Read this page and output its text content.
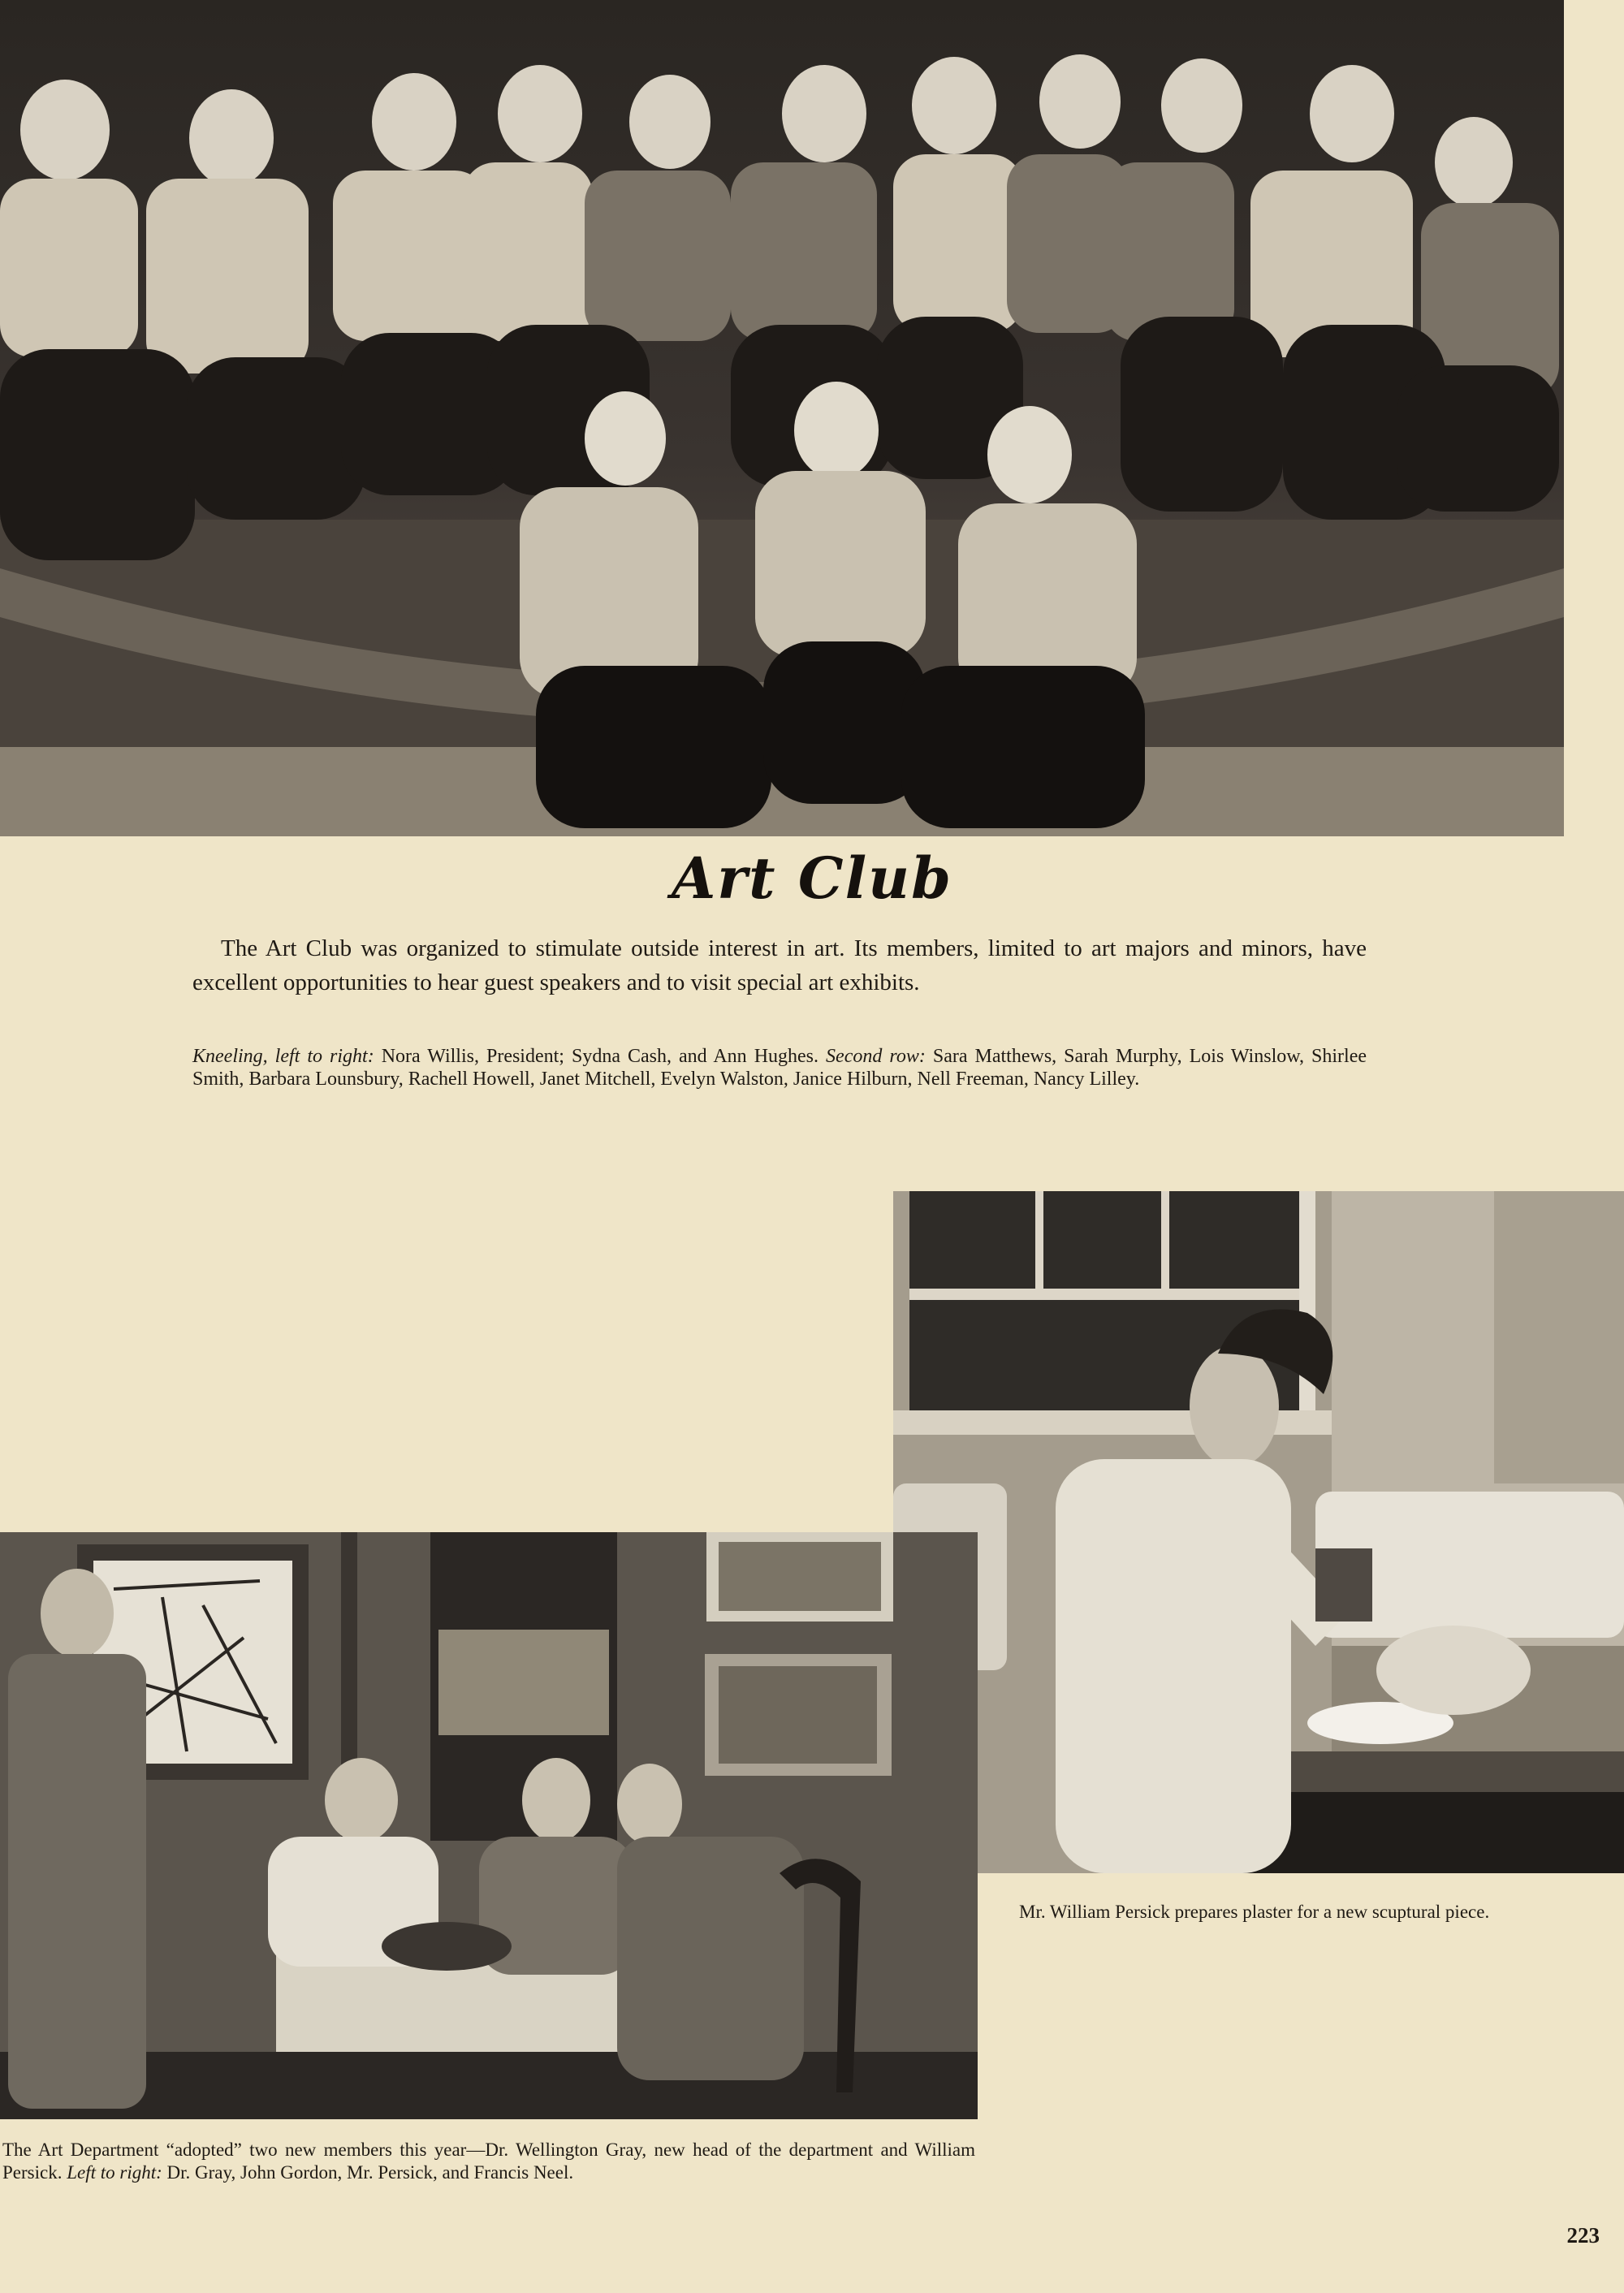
Art Club

The Art Club was organized to stimulate outside interest in art. Its members, limited to art majors and minors, have excellent opportunities to hear guest speakers and to visit special art exhibits.

Kneeling, left to right: Nora Willis, President; Sydna Cash, and Ann Hughes. Second row: Sara Matthews, Sarah Murphy, Lois Winslow, Shirlee Smith, Barbara Lounsbury, Rachell Howell, Janet Mitchell, Evelyn Walston, Janice Hilburn, Nell Freeman, Nancy Lilley.

Mr. William Persick prepares plaster for a new scuptural piece.

The Art Department “adopted” two new members this year—Dr. Wellington Gray, new head of the department and William Persick. Left to right: Dr. Gray, John Gordon, Mr. Persick, and Francis Neel.

223
